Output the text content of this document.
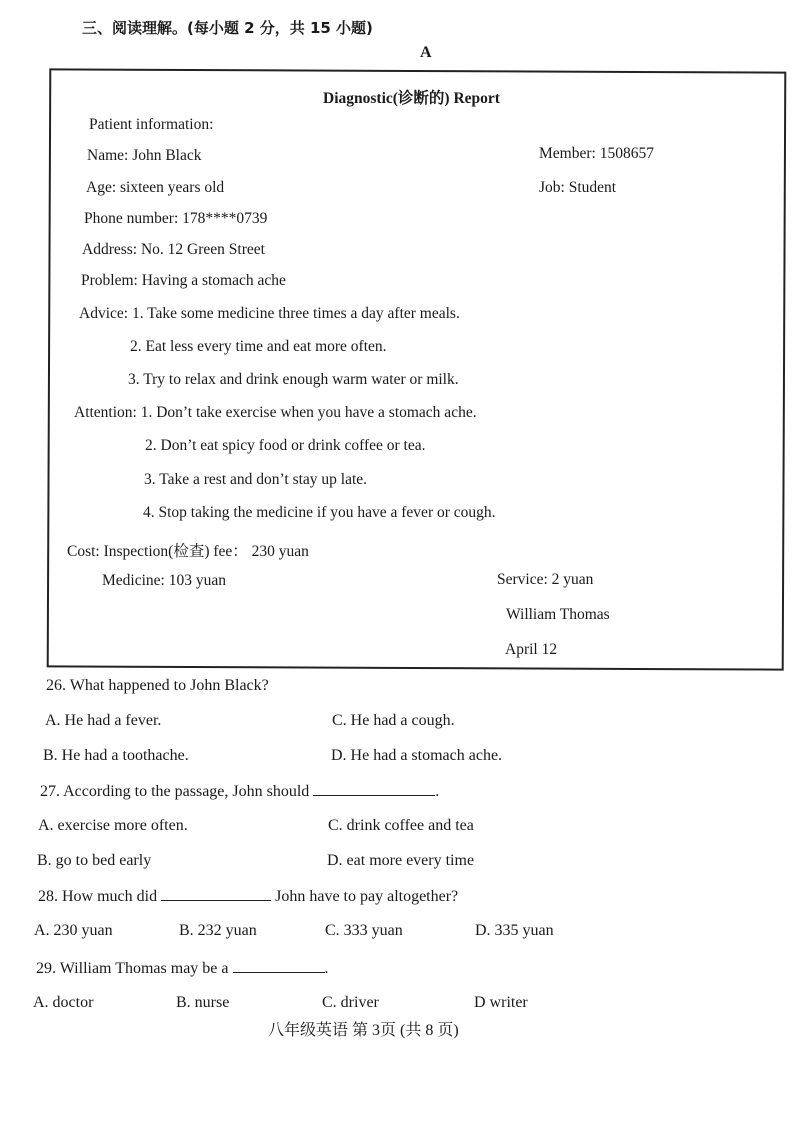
三、阅读理解。(每小题 2 分，共 15 小题)
A
Diagnostic(诊断的) Report
Patient information:
Name: John Black	Member: 1508657
Age: sixteen years old	Job: Student
Phone number: 178****0739
Address: No. 12 Green Street
Problem: Having a stomach ache
Advice: 1. Take some medicine three times a day after meals.
2. Eat less every time and eat more often.
3. Try to relax and drink enough warm water or milk.
Attention: 1. Don’t take exercise when you have a stomach ache.
2. Don’t eat spicy food or drink coffee or tea.
3. Take a rest and don’t stay up late.
4. Stop taking the medicine if you have a fever or cough.
Cost: Inspection(检查) fee： 230 yuan
Medicine: 103 yuan	Service: 2 yuan
William Thomas
April 12
26. What happened to John Black?
A. He had a fever.	C. He had a cough.
B. He had a toothache.	D. He had a stomach ache.
27. According to the passage, John should	.
A. exercise more often.	C. drink coffee and tea
B. go to bed early	D. eat more every time
28. How much did	John have to pay altogether?
A. 230 yuan	B. 232 yuan	C. 333 yuan	D. 335 yuan
29. William Thomas may be a	.
A. doctor	B. nurse	C. driver	D writer
八年级英语 第 3页 (共 8 页)
